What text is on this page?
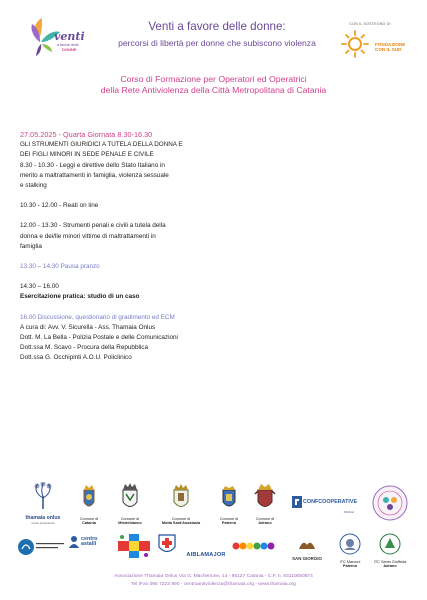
venti
a favore delle
DONNE
Venti a favore delle donne:
percorsi di libertà per donne che subiscono violenza
CON IL SOSTEGNO DI
FONDAZIONE
CON IL SUD
Corso di Formazione per Operatori ed Operatrici
della Rete Antiviolenza della Città Metropolitana di Catania
27.05.2025 - Quarta Giornata 8.30-16.30
GLI STRUMENTI GIURIDICI A TUTELA DELLA DONNA E
DEI FIGLI MINORI IN SEDE PENALE E CIVILE
8.30 - 10.30 - Leggi e direttive dello Stato Italiano in
merito a maltrattamenti in famiglia, violenza sessuale
e stalking
10.30 - 12.00 - Reati on line
12.00 - 13.30 - Strumenti penali e civili a tutela della
donna e dei/lle minori vittime di maltrattamenti in
famiglia
13.30 – 14.30 Pausa pranzo
14.30 – 16.00
Esercitazione pratica: studio di un caso
16.00 Discussione, questionario di gradimento ed ECM
A cura di: Avv. V. Sicurella - Ass. Thamaia Onlus
Dott. M. La Bella - Polizia Postale e delle Comunicazioni
Dott.ssa M. Scavo - Procura della Repubblica
Dott.ssa G. Occhipinti A.O.U. Policlinico
thamaia onlus
centro antiviolenza
Comune di
Catania
Comune di
Misterbianco
Comune di
Motta Sant'Anastasia
Comune di
Paternò
Comune di
Adrano
CONFCOOPERATIVE
SICILIA
centro astalli
AIBLAMAJOR
SAN GIORGIO
ITC Marconi
Paternò
ITC Santo Giuffrida
Adrano
Associazione Thamaia Onlus Via G. Macherione, 14 - 95127 Catania - C.F. n. 93110050874
Tel./Fax 095 7223 990 - centroantiviolenza@thamaia.org - www.thamaia.org
